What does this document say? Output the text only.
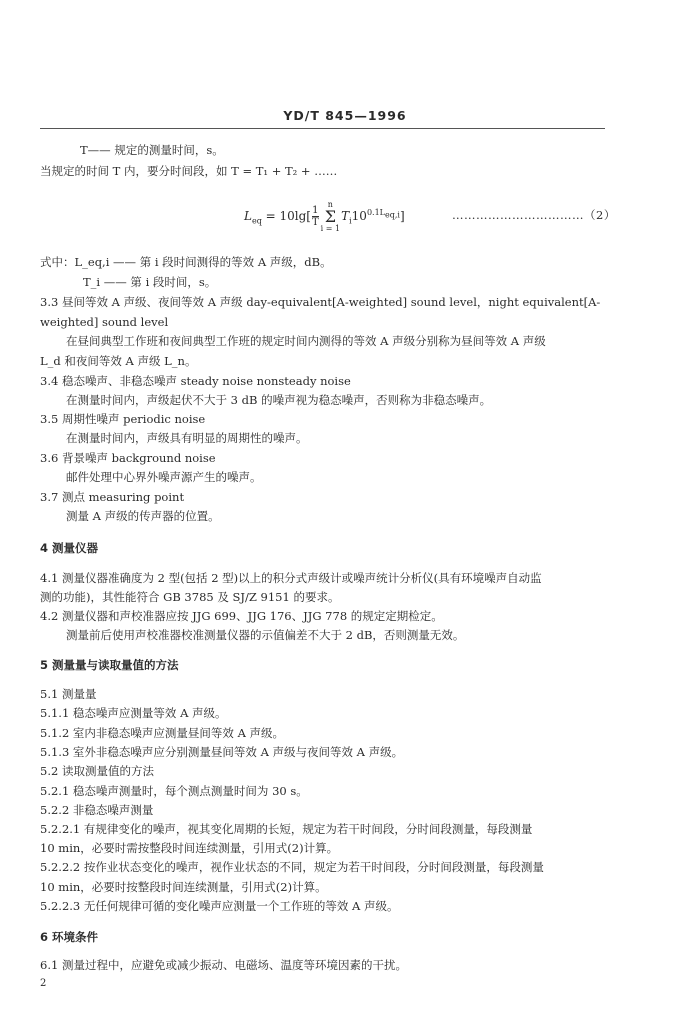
YD/T 845—1996
T—— 规定的测量时间，s。
当规定的时间 T 内，要分时间段，如 T = T₁ + T₂ + ……
式中：L_eq,i —— 第 i 段时间测得的等效 A 声级，dB。
T_i —— 第 i 段时间，s。
3.3 昼间等效 A 声级、夜间等效 A 声级 day-equivalent[A-weighted] sound level，night equivalent[A-
weighted] sound level
在昼间典型工作班和夜间典型工作班的规定时间内测得的等效 A 声级分别称为昼间等效 A 声级
L_d 和夜间等效 A 声级 L_n。
3.4 稳态噪声、非稳态噪声 steady noise nonsteady noise
在测量时间内，声级起伏不大于 3 dB 的噪声视为稳态噪声，否则称为非稳态噪声。
3.5 周期性噪声 periodic noise
在测量时间内，声级具有明显的周期性的噪声。
3.6 背景噪声 background noise
邮件处理中心界外噪声源产生的噪声。
3.7 测点 measuring point
测量 A 声级的传声器的位置。
4 测量仪器
4.1 测量仪器准确度为 2 型(包括 2 型)以上的积分式声级计或噪声统计分析仪(具有环境噪声自动监
测的功能)，其性能符合 GB 3785 及 SJ/Z 9151 的要求。
4.2 测量仪器和声校准器应按 JJG 699、JJG 176、JJG 778 的规定定期检定。
测量前后使用声校准器校准测量仪器的示值偏差不大于 2 dB，否则测量无效。
5 测量量与读取量值的方法
5.1 测量量
5.1.1 稳态噪声应测量等效 A 声级。
5.1.2 室内非稳态噪声应测量昼间等效 A 声级。
5.1.3 室外非稳态噪声应分别测量昼间等效 A 声级与夜间等效 A 声级。
5.2 读取测量值的方法
5.2.1 稳态噪声测量时，每个测点测量时间为 30 s。
5.2.2 非稳态噪声测量
5.2.2.1 有规律变化的噪声，视其变化周期的长短，规定为若干时间段，分时间段测量，每段测量
10 min，必要时需按整段时间连续测量，引用式(2)计算。
5.2.2.2 按作业状态变化的噪声，视作业状态的不同，规定为若干时间段，分时间段测量，每段测量
10 min，必要时按整段时间连续测量，引用式(2)计算。
5.2.2.3 无任何规律可循的变化噪声应测量一个工作班的等效 A 声级。
6 环境条件
6.1 测量过程中，应避免或减少振动、电磁场、温度等环境因素的干扰。
$L_{eq} = 10\lg[\frac{1}{T}$
n
Σ
$i = 1T_i10^{0.1L_{eq,i}}$]	……………………………（2）
2
